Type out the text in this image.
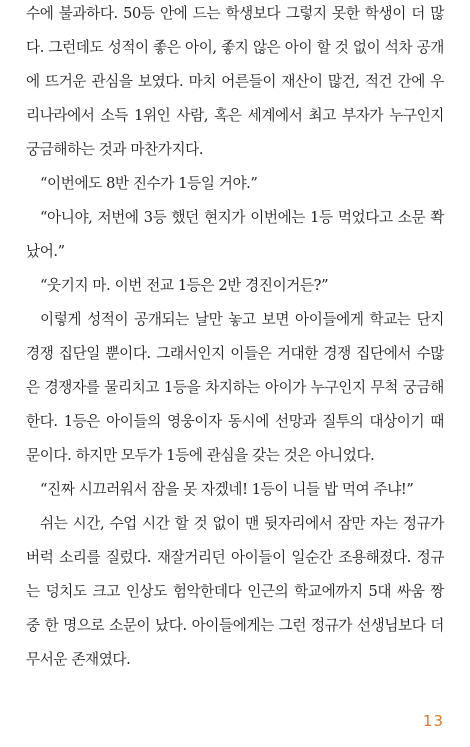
수에 불과하다. 50등 안에 드는 학생보다 그렇지 못한 학생이 더 많
다. 그런데도 성적이 좋은 아이, 좋지 않은 아이 할 것 없이 석차 공개
에 뜨거운 관심을 보였다. 마치 어른들이 재산이 많건, 적건 간에 우
리나라에서 소득 1위인 사람, 혹은 세계에서 최고 부자가 누구인지
궁금해하는 것과 마찬가지다.
“이번에도 8반 진수가 1등일 거야.”
“아니야, 저번에 3등 했던 현지가 이번에는 1등 먹었다고 소문 쫙
났어.”
“웃기지 마. 이번 전교 1등은 2반 경진이거든?”
이렇게 성적이 공개되는 날만 놓고 보면 아이들에게 학교는 단지
경쟁 집단일 뿐이다. 그래서인지 이들은 거대한 경쟁 집단에서 수많
은 경쟁자를 물리치고 1등을 차지하는 아이가 누구인지 무척 궁금해
한다. 1등은 아이들의 영웅이자 동시에 선망과 질투의 대상이기 때
문이다. 하지만 모두가 1등에 관심을 갖는 것은 아니었다.
“진짜 시끄러워서 잠을 못 자겠네! 1등이 니들 밥 먹여 주냐!”
쉬는 시간, 수업 시간 할 것 없이 맨 뒷자리에서 잠만 자는 정규가
버럭 소리를 질렀다. 재잘거리던 아이들이 일순간 조용해졌다. 정규
는 덩치도 크고 인상도 험악한데다 인근의 학교에까지 5대 싸움 짱
중 한 명으로 소문이 났다. 아이들에게는 그런 정규가 선생님보다 더
무서운 존재였다.
13
